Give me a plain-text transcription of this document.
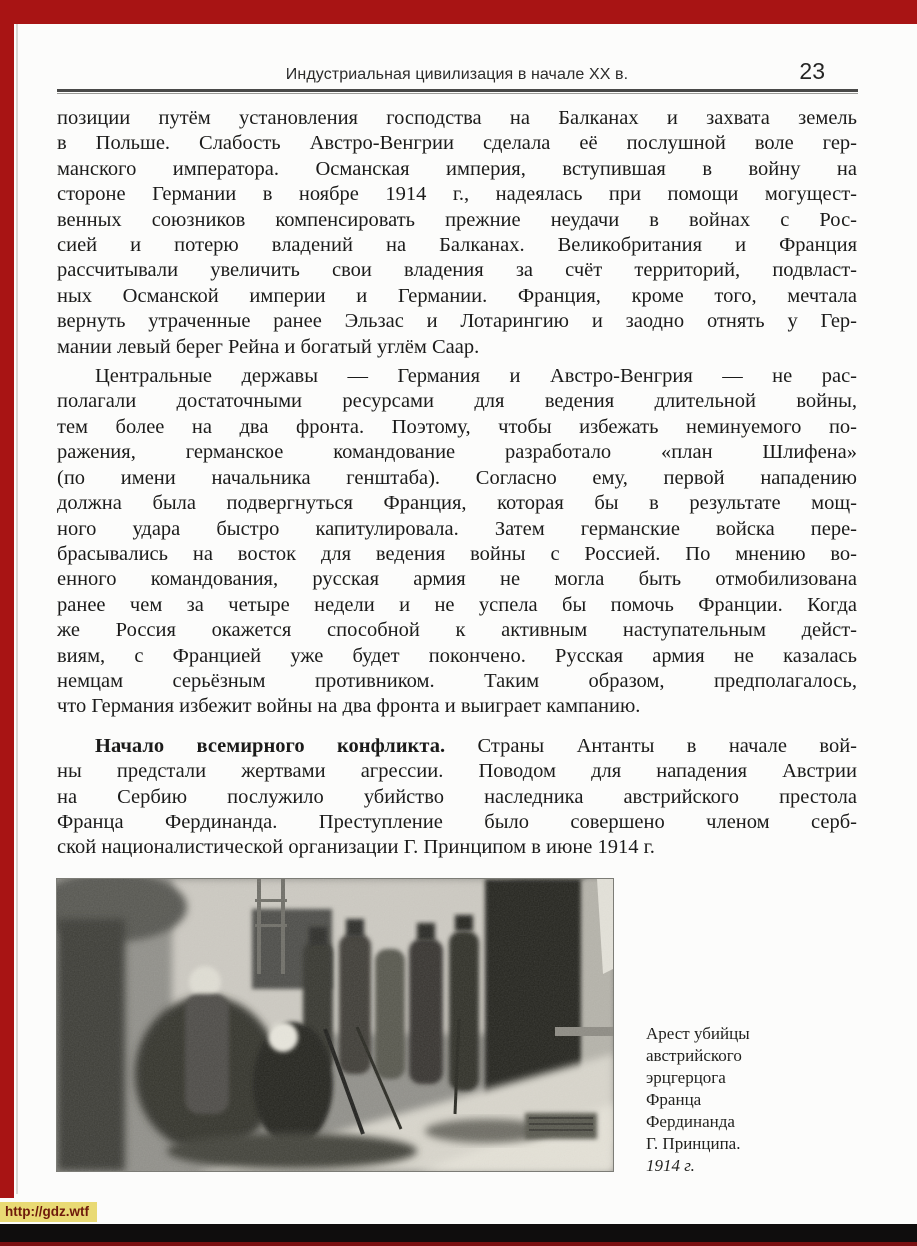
Индустриальная цивилизация в начале XX в.	23
позиции путём установления господства на Балканах и захвата земель
в Польше. Слабость Австро-Венгрии сделала её послушной воле гер-
манского императора. Османская империя, вступившая в войну на
стороне Германии в ноябре 1914 г., надеялась при помощи могущест-
венных союзников компенсировать прежние неудачи в войнах с Рос-
сией и потерю владений на Балканах. Великобритания и Франция
рассчитывали увеличить свои владения за счёт территорий, подвласт-
ных Османской империи и Германии. Франция, кроме того, мечтала
вернуть утраченные ранее Эльзас и Лотарингию и заодно отнять у Гер-
мании левый берег Рейна и богатый углём Саар.
Центральные державы — Германия и Австро-Венгрия — не рас-
полагали достаточными ресурсами для ведения длительной войны,
тем более на два фронта. Поэтому, чтобы избежать неминуемого по-
ражения, германское командование разработало «план Шлифена»
(по имени начальника генштаба). Согласно ему, первой нападению
должна была подвергнуться Франция, которая бы в результате мощ-
ного удара быстро капитулировала. Затем германские войска пере-
брасывались на восток для ведения войны с Россией. По мнению во-
енного командования, русская армия не могла быть отмобилизована
ранее чем за четыре недели и не успела бы помочь Франции. Когда
же Россия окажется способной к активным наступательным дейст-
виям, с Францией уже будет покончено. Русская армия не казалась
немцам серьёзным противником. Таким образом, предполагалось,
что Германия избежит войны на два фронта и выиграет кампанию.
Начало всемирного конфликта. Страны Антанты в начале вой-
ны предстали жертвами агрессии. Поводом для нападения Австрии
на Сербию послужило убийство наследника австрийского престола
Франца Фердинанда. Преступление было совершено членом серб-
ской националистической организации Г. Принципом в июне 1914 г.
Арест убийцы
австрийского
эрцгерцога
Франца
Фердинанда
Г. Принципа.
1914 г.
http://gdz.wtf
